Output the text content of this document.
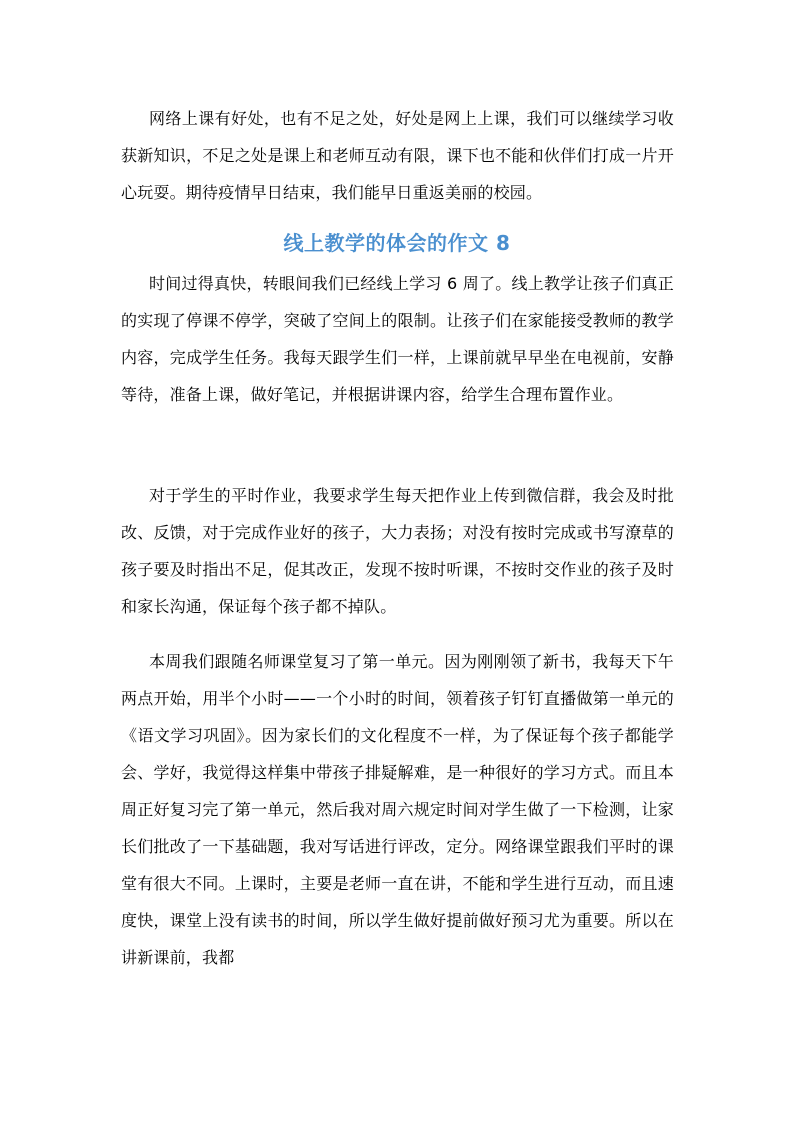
网络上课有好处，也有不足之处，好处是网上上课，我们可以继续学习收获新知识，不足之处是课上和老师互动有限，课下也不能和伙伴们打成一片开心玩耍。期待疫情早日结束，我们能早日重返美丽的校园。

线上教学的体会的作文 8

时间过得真快，转眼间我们已经线上学习 6 周了。线上教学让孩子们真正的实现了停课不停学，突破了空间上的限制。让孩子们在家能接受教师的教学内容，完成学生任务。我每天跟学生们一样，上课前就早早坐在电视前，安静等待，准备上课，做好笔记，并根据讲课内容，给学生合理布置作业。

对于学生的平时作业，我要求学生每天把作业上传到微信群，我会及时批改、反馈，对于完成作业好的孩子，大力表扬；对没有按时完成或书写潦草的孩子要及时指出不足，促其改正，发现不按时听课，不按时交作业的孩子及时和家长沟通，保证每个孩子都不掉队。

本周我们跟随名师课堂复习了第一单元。因为刚刚领了新书，我每天下午两点开始，用半个小时——一个小时的时间，领着孩子钉钉直播做第一单元的《语文学习巩固》。因为家长们的文化程度不一样，为了保证每个孩子都能学会、学好，我觉得这样集中带孩子排疑解难，是一种很好的学习方式。而且本周正好复习完了第一单元，然后我对周六规定时间对学生做了一下检测，让家长们批改了一下基础题，我对写话进行评改，定分。网络课堂跟我们平时的课堂有很大不同。上课时，主要是老师一直在讲，不能和学生进行互动，而且速度快，课堂上没有读书的时间，所以学生做好提前做好预习尤为重要。所以在讲新课前，我都
